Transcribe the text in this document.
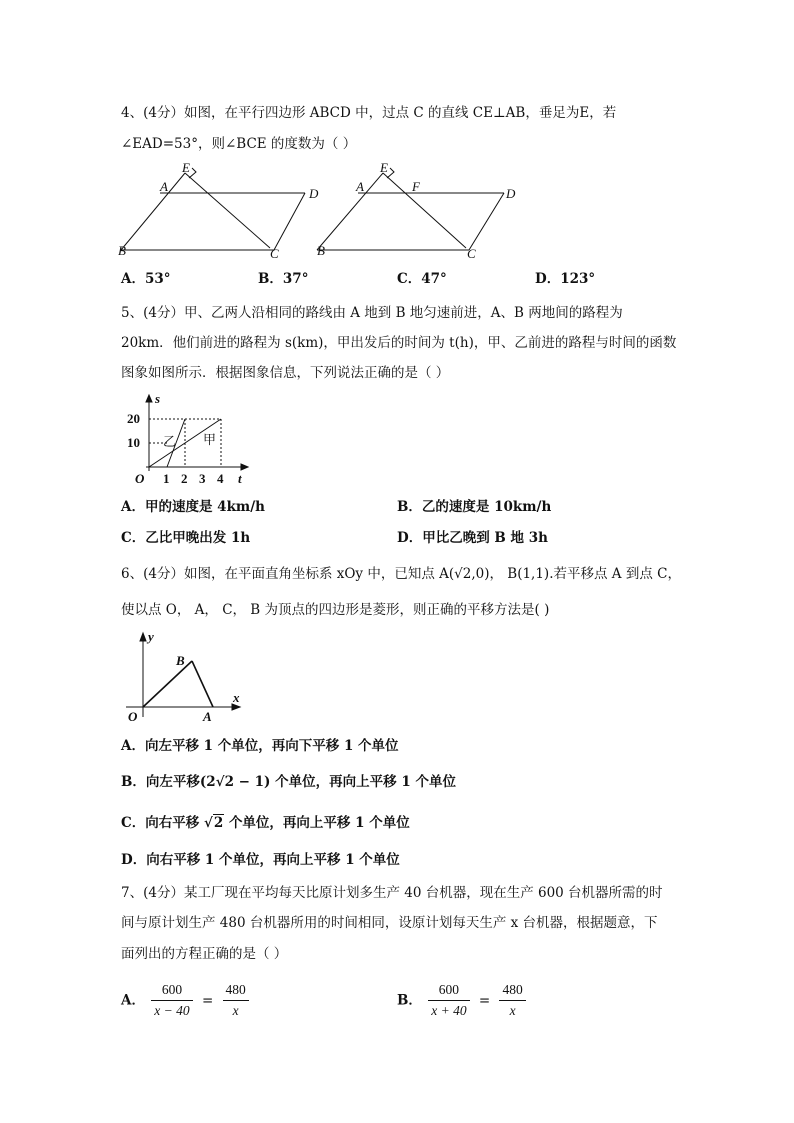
4、(4分）如图，在平行四边形 ABCD 中，过点 C 的直线 CE⊥AB，垂足为E，若
∠EAD=53°，则∠BCE 的度数为（ ）
E
A	D
B	C
E
A	F	D
B	C
A．53°	B．37°	C．47°	D．123°
5、(4分）甲、乙两人沿相同的路线由 A 地到 B 地匀速前进，A、B 两地间的路程为
20km．他们前进的路程为 s(km)，甲出发后的时间为 t(h)，甲、乙前进的路程与时间的函数
图象如图所示．根据图象信息，下列说法正确的是（ ）
s
t
O
20
10
1 2 3 4
乙 甲
A．甲的速度是 4km/h	B．乙的速度是 10km/h
C．乙比甲晚出发 1h	D．甲比乙晚到 B 地 3h
6、(4分）如图，在平面直角坐标系 xOy 中，已知点 A(√2,0)， B(1,1).若平移点 A 到点 C，
使以点 O， A， C， B 为顶点的四边形是菱形，则正确的平移方法是( )
y
B
x
O	A
A．向左平移 1 个单位，再向下平移 1 个单位
B．向左平移(2√2 − 1) 个单位，再向上平移 1 个单位
C．向右平移 √2 个单位，再向上平移 1 个单位
D．向右平移 1 个单位，再向上平移 1 个单位
7、(4分）某工厂现在平均每天比原计划多生产 40 台机器，现在生产 600 台机器所需的时
间与原计划生产 480 台机器所用的时间相同，设原计划每天生产 x 台机器，根据题意，下
面列出的方程正确的是（ ）
A． $\frac{600}{x - 40} = \frac{480}{x}$	B． $\frac{600}{x + 40} = \frac{480}{x}$
